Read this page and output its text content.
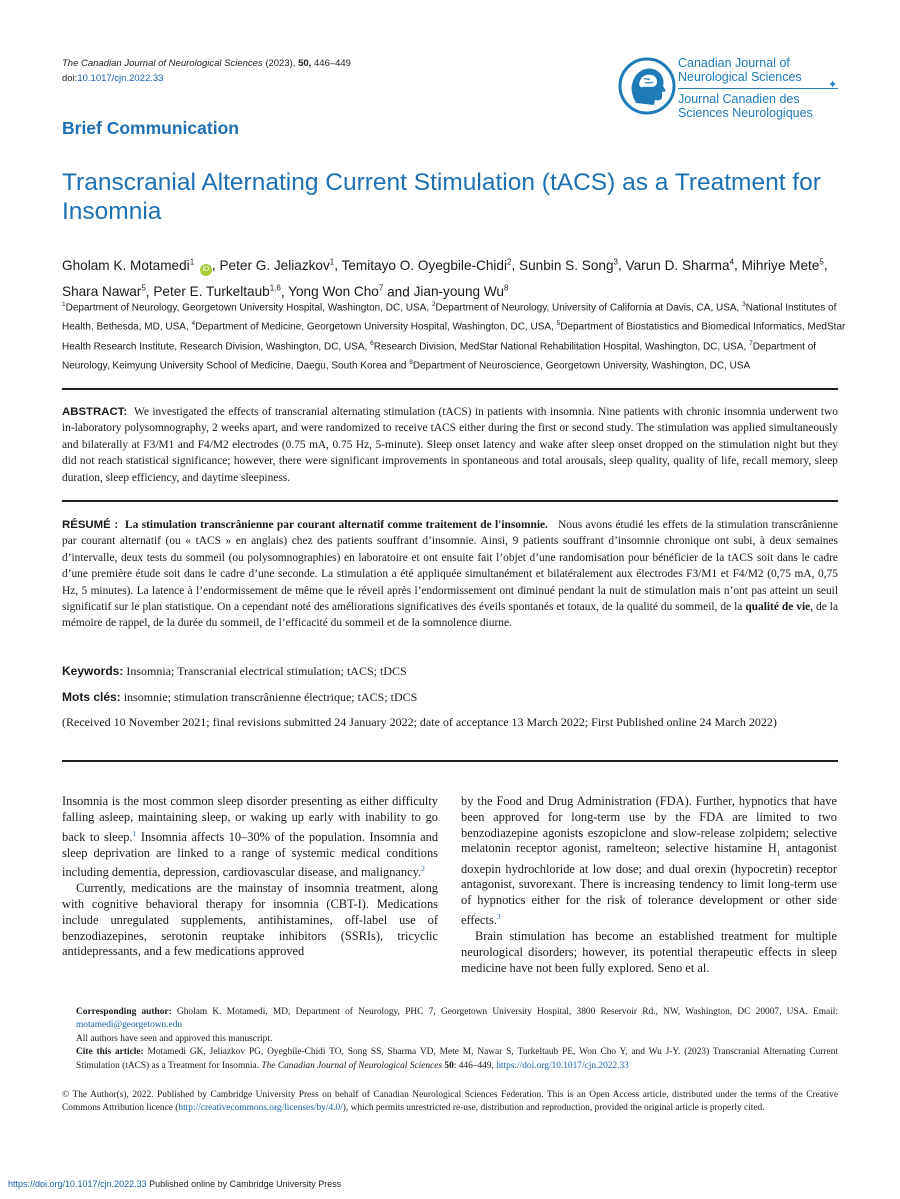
The Canadian Journal of Neurological Sciences (2023), 50, 446–449
doi:10.1017/cjn.2022.33
Canadian Journal of
Neurological Sciences
✦
Journal Canadien des
Sciences Neurologiques
Brief Communication
Transcranial Alternating Current Stimulation (tACS) as a Treatment for Insomnia
Gholam K. Motamedi$^1$ iD , Peter G. Jeliazkov$^1$, Temitayo O. Oyegbile-Chidi$^2$, Sunbin S. Song$^3$, Varun D. Sharma$^4$, Mihriye Mete$^5$, Shara Nawar$^5$, Peter E. Turkeltaub$^{1,6}$, Yong Won Cho$^7$ and Jian-young Wu$^8$
$^1$Department of Neurology, Georgetown University Hospital, Washington, DC, USA, $^2$Department of Neurology, University of California at Davis, CA, USA, $^3$National Institutes of Health, Bethesda, MD, USA, $^4$Department of Medicine, Georgetown University Hospital, Washington, DC, USA, $^5$Department of Biostatistics and Biomedical Informatics, MedStar Health Research Institute, Research Division, Washington, DC, USA, $^6$Research Division, MedStar National Rehabilitation Hospital, Washington, DC, USA, $^7$Department of Neurology, Keimyung University School of Medicine, Daegu, South Korea and $^8$Department of Neuroscience, Georgetown University, Washington, DC, USA
ABSTRACT: We investigated the effects of transcranial alternating stimulation (tACS) in patients with insomnia. Nine patients with chronic insomnia underwent two in-laboratory polysomnography, 2 weeks apart, and were randomized to receive tACS either during the first or second study. The stimulation was applied simultaneously and bilaterally at F3/M1 and F4/M2 electrodes (0.75 mA, 0.75 Hz, 5-minute). Sleep onset latency and wake after sleep onset dropped on the stimulation night but they did not reach statistical significance; however, there were significant improvements in spontaneous and total arousals, sleep quality, quality of life, recall memory, sleep duration, sleep efficiency, and daytime sleepiness.
RÉSUMÉ : La stimulation transcrânienne par courant alternatif comme traitement de l'insomnie. Nous avons étudié les effets de la stimulation transcrânienne par courant alternatif (ou « tACS » en anglais) chez des patients souffrant d’insomnie. Ainsi, 9 patients souffrant d’insomnie chronique ont subi, à deux semaines d’intervalle, deux tests du sommeil (ou polysomnographies) en laboratoire et ont ensuite fait l’objet d’une randomisation pour bénéficier de la tACS soit dans le cadre d’une première étude soit dans le cadre d’une seconde. La stimulation a été appliquée simultanément et bilatéralement aux électrodes F3/M1 et F4/M2 (0,75 mA, 0,75 Hz, 5 minutes). La latence à l’endormissement de même que le réveil après l’endormissement ont diminué pendant la nuit de stimulation mais n’ont pas atteint un seuil significatif sur le plan statistique. On a cependant noté des améliorations significatives des éveils spontanés et totaux, de la qualité du sommeil, de la qualité de vie, de la mémoire de rappel, de la durée du sommeil, de l’efficacité du sommeil et de la somnolence diurne.
Keywords: Insomnia; Transcranial electrical stimulation; tACS; tDCS
Mots clés: insomnie; stimulation transcrânienne électrique; tACS; tDCS
(Received 10 November 2021; final revisions submitted 24 January 2022; date of acceptance 13 March 2022; First Published online 24 March 2022)

Insomnia is the most common sleep disorder presenting as either difficulty falling asleep, maintaining sleep, or waking up early with inability to go back to sleep.$^1$ Insomnia affects 10–30% of the population. Insomnia and sleep deprivation are linked to a range of systemic medical conditions including dementia, depression, cardiovascular disease, and malignancy.$^2$

Currently, medications are the mainstay of insomnia treatment, along with cognitive behavioral therapy for insomnia (CBT-I). Medications include unregulated supplements, antihistamines, off-label use of benzodiazepines, serotonin reuptake inhibitors (SSRIs), tricyclic antidepressants, and a few medications approved

by the Food and Drug Administration (FDA). Further, hypnotics that have been approved for long-term use by the FDA are limited to two benzodiazepine agonists eszopiclone and slow-release zolpidem; selective melatonin receptor agonist, ramelteon; selective histamine $H_1$ antagonist doxepin hydrochloride at low dose; and dual orexin (hypocretin) receptor antagonist, suvorexant. There is increasing tendency to limit long-term use of hypnotics either for the risk of tolerance development or other side effects.$^3$

Brain stimulation has become an established treatment for multiple neurological disorders; however, its potential therapeutic effects in sleep medicine have not been fully explored. Seno et al.

Corresponding author: Gholam K. Motamedi, MD, Department of Neurology, PHC 7, Georgetown University Hospital, 3800 Reservoir Rd., NW, Washington, DC 20007, USA. Email: motamedi@georgetown.edu
All authors have seen and approved this manuscript.
Cite this article: Motamedi GK, Jeliazkov PG, Oyegbile-Chidi TO, Song SS, Sharma VD, Mete M, Nawar S, Turkeltaub PE, Won Cho Y, and Wu J-Y. (2023) Transcranial Alternating Current Stimulation (tACS) as a Treatment for Insomnia. The Canadian Journal of Neurological Sciences 50: 446–449, https://doi.org/10.1017/cjn.2022.33
© The Author(s), 2022. Published by Cambridge University Press on behalf of Canadian Neurological Sciences Federation. This is an Open Access article, distributed under the terms of the Creative Commons Attribution licence (http://creativecommons.org/licenses/by/4.0/), which permits unrestricted re-use, distribution and reproduction, provided the original article is properly cited.
https://doi.org/10.1017/cjn.2022.33 Published online by Cambridge University Press
